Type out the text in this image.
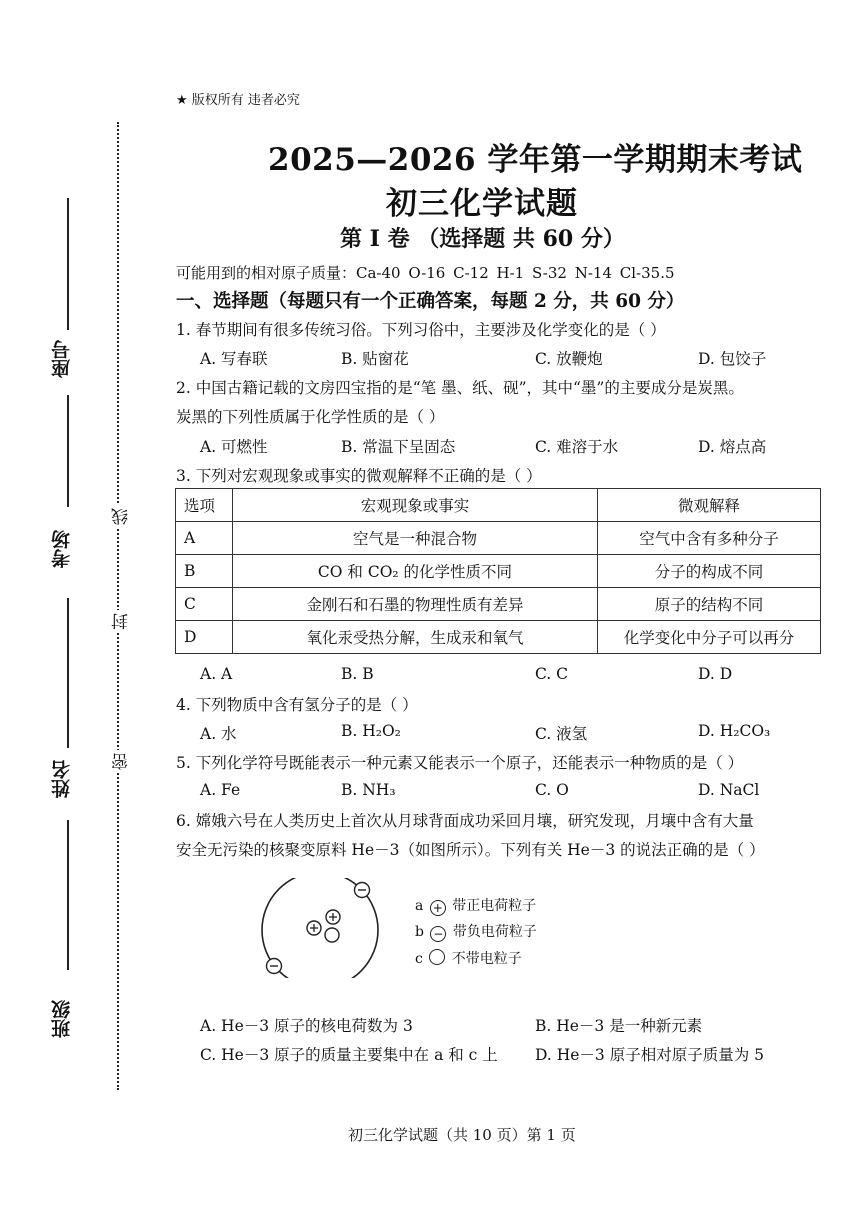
座号
考场
姓名
班级
线
封
密
★ 版权所有 违者必究
2025—2026 学年第一学期期末考试
初三化学试题
第 I 卷 （选择题 共 60 分）
可能用到的相对原子质量：Ca-40 O-16 C-12 H-1 S-32 N-14 Cl-35.5
一、选择题（每题只有一个正确答案，每题 2 分，共 60 分）
1. 春节期间有很多传统习俗。下列习俗中，主要涉及化学变化的是（ ）
A. 写春联	B. 贴窗花	C. 放鞭炮	D. 包饺子
2. 中国古籍记载的文房四宝指的是“笔 墨、纸、砚”，其中“墨”的主要成分是炭黑。
炭黑的下列性质属于化学性质的是（ ）
A. 可燃性	B. 常温下呈固态	C. 难溶于水	D. 熔点高
3. 下列对宏观现象或事实的微观解释不正确的是（ ）
选项	宏观现象或事实	微观解释
A	空气是一种混合物	空气中含有多种分子
B	CO 和 CO₂ 的化学性质不同	分子的构成不同
C	金刚石和石墨的物理性质有差异	原子的结构不同
D	氧化汞受热分解，生成汞和氧气	化学变化中分子可以再分
A. A	B. B	C. C	D. D
4. 下列物质中含有氢分子的是（ ）
A. 水	B. H₂O₂	C. 液氢	D. H₂CO₃
5. 下列化学符号既能表示一种元素又能表示一个原子，还能表示一种物质的是（ ）
A. Fe	B. NH₃	C. O	D. NaCl
6. 嫦娥六号在人类历史上首次从月球背面成功采回月壤，研究发现，月壤中含有大量
安全无污染的核聚变原料 He－3（如图所示）。下列有关 He－3 的说法正确的是（ ）
a + 带正电荷粒子
b − 带负电荷粒子
c 不带电粒子
A. He－3 原子的核电荷数为 3	B. He－3 是一种新元素
C. He－3 原子的质量主要集中在 a 和 c 上 D. He－3 原子相对原子质量为 5
初三化学试题（共 10 页）第 1 页
